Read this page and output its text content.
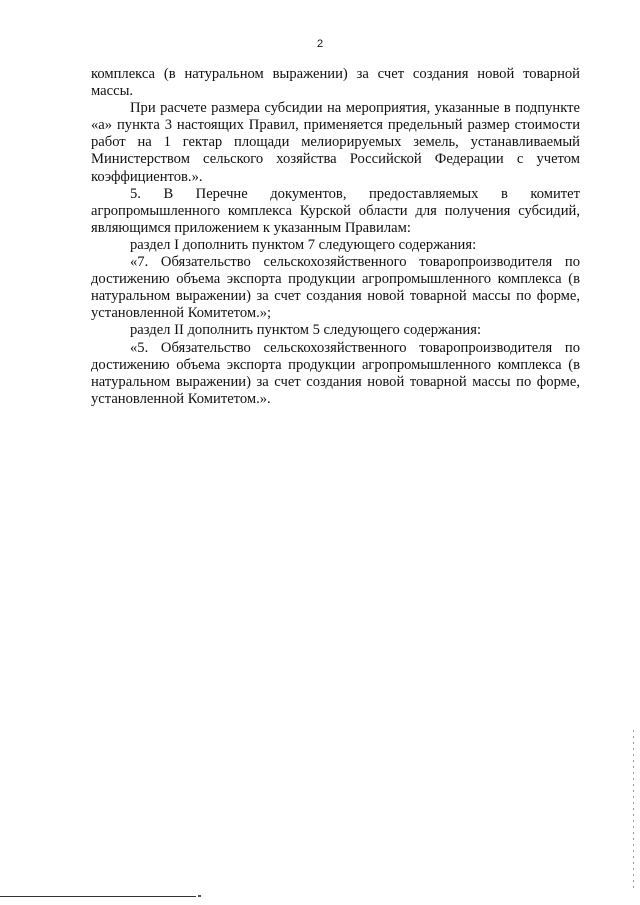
2

комплекса (в натуральном выражении) за счет создания новой товарной массы.

При расчете размера субсидии на мероприятия, указанные в подпункте «а» пункта 3 настоящих Правил, применяется предельный размер стоимости работ на 1 гектар площади мелиорируемых земель, устанавливаемый Министерством сельского хозяйства Российской Федерации с учетом коэффициентов.».

5. В Перечне документов, предоставляемых в комитет агропромышленного комплекса Курской области для получения субсидий, являющимся приложением к указанным Правилам:

раздел I дополнить пунктом 7 следующего содержания:

«7. Обязательство сельскохозяйственного товаропроизводителя по достижению объема экспорта продукции агропромышленного комплекса (в натуральном выражении) за счет создания новой товарной массы по форме, установленной Комитетом.»;

раздел II дополнить пунктом 5 следующего содержания:

«5. Обязательство сельскохозяйственного товаропроизводителя по достижению объема экспорта продукции агропромышленного комплекса (в натуральном выражении) за счет создания новой товарной массы по форме, установленной Комитетом.».
